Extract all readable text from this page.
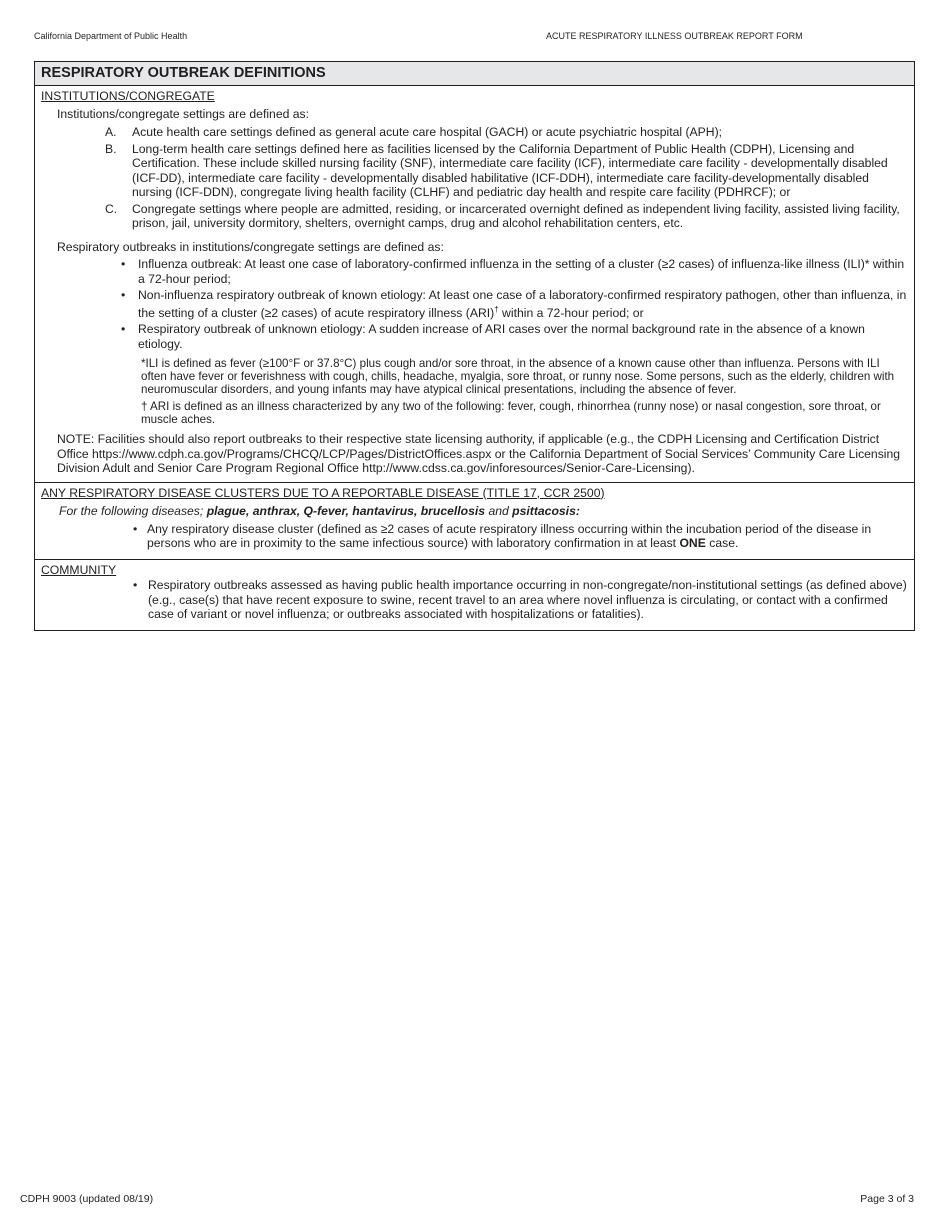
California Department of Public Health	ACUTE RESPIRATORY ILLNESS OUTBREAK REPORT FORM
RESPIRATORY OUTBREAK DEFINITIONS
INSTITUTIONS/CONGREGATE
Institutions/congregate settings are defined as:
A. Acute health care settings defined as general acute care hospital (GACH) or acute psychiatric hospital (APH);
B. Long-term health care settings defined here as facilities licensed by the California Department of Public Health (CDPH), Licensing and Certification. These include skilled nursing facility (SNF), intermediate care facility (ICF), intermediate care facility - developmentally disabled (ICF-DD), intermediate care facility - developmentally disabled habilitative (ICF-DDH), intermediate care facility-developmentally disabled nursing (ICF-DDN), congregate living health facility (CLHF) and pediatric day health and respite care facility (PDHRCF); or
C. Congregate settings where people are admitted, residing, or incarcerated overnight defined as independent living facility, assisted living facility, prison, jail, university dormitory, shelters, overnight camps, drug and alcohol rehabilitation centers, etc.
Respiratory outbreaks in institutions/congregate settings are defined as:
• Influenza outbreak: At least one case of laboratory-confirmed influenza in the setting of a cluster (≥2 cases) of influenza-like illness (ILI)* within a 72-hour period;
• Non-influenza respiratory outbreak of known etiology: At least one case of a laboratory-confirmed respiratory pathogen, other than influenza, in the setting of a cluster (≥2 cases) of acute respiratory illness (ARI)† within a 72-hour period; or
• Respiratory outbreak of unknown etiology: A sudden increase of ARI cases over the normal background rate in the absence of a known etiology.
*ILI is defined as fever (≥100°F or 37.8°C) plus cough and/or sore throat, in the absence of a known cause other than influenza. Persons with ILI often have fever or feverishness with cough, chills, headache, myalgia, sore throat, or runny nose. Some persons, such as the elderly, children with neuromuscular disorders, and young infants may have atypical clinical presentations, including the absence of fever.
† ARI is defined as an illness characterized by any two of the following: fever, cough, rhinorrhea (runny nose) or nasal congestion, sore throat, or muscle aches.
NOTE: Facilities should also report outbreaks to their respective state licensing authority, if applicable (e.g., the CDPH Licensing and Certification District Office https://www.cdph.ca.gov/Programs/CHCQ/LCP/Pages/DistrictOffices.aspx or the California Department of Social Services’ Community Care Licensing Division Adult and Senior Care Program Regional Office http://www.cdss.ca.gov/inforesources/Senior-Care-Licensing).
ANY RESPIRATORY DISEASE CLUSTERS DUE TO A REPORTABLE DISEASE (TITLE 17, CCR 2500)
For the following diseases; plague, anthrax, Q-fever, hantavirus, brucellosis and psittacosis:
• Any respiratory disease cluster (defined as ≥2 cases of acute respiratory illness occurring within the incubation period of the disease in persons who are in proximity to the same infectious source) with laboratory confirmation in at least ONE case.
COMMUNITY
• Respiratory outbreaks assessed as having public health importance occurring in non-congregate/non-institutional settings (as defined above) (e.g., case(s) that have recent exposure to swine, recent travel to an area where novel influenza is circulating, or contact with a confirmed case of variant or novel influenza; or outbreaks associated with hospitalizations or fatalities).
CDPH 9003 (updated 08/19)	Page 3 of 3
